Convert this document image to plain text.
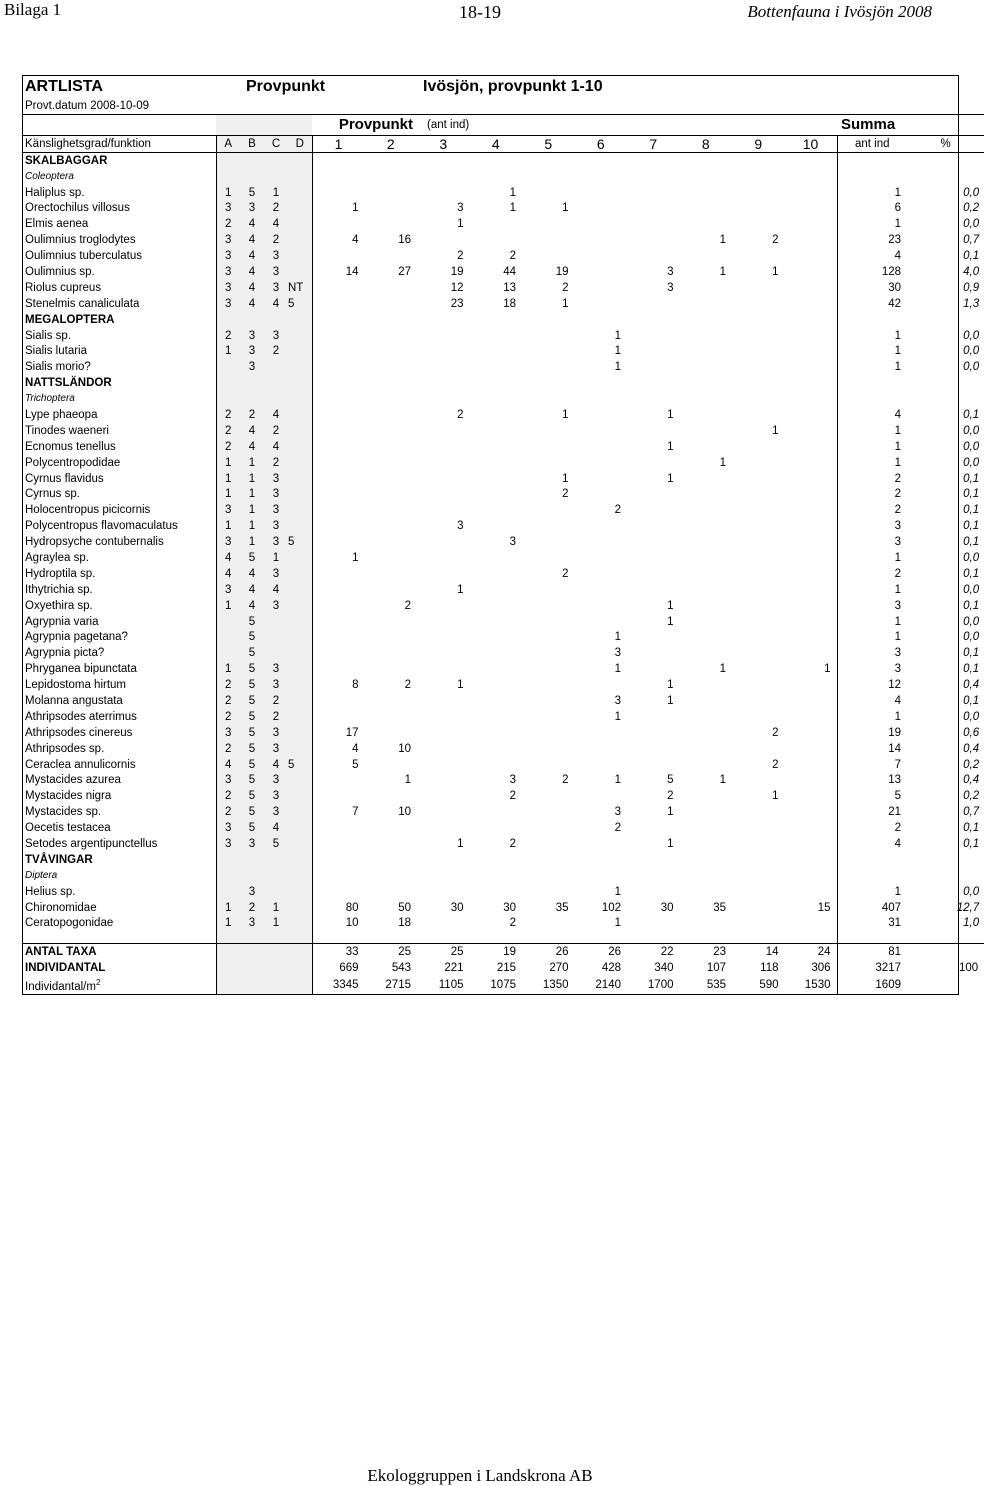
Bilaga 1	18-19	Bottenfauna i Ivösjön 2008
ARTLISTA	Provpunkt						Ivösjön, provpunkt 1-10									
Provt.datum 2008-10-09																
					Provpunkt		(ant ind)								Summa	
Känslighetsgrad/funktion	A	B	C	D	1	2	3	4	5	6	7	8	9	10	ant ind	%
SKALBAGGAR																
Coleoptera																
Haliplus sp.	1	5	1					1							1	0,0
Orectochilus villosus	3	3	2		1		3	1	1						6	0,2
Elmis aenea	2	4	4				1								1	0,0
Oulimnius troglodytes	3	4	2		4	16						1	2		23	0,7
Oulimnius tuberculatus	3	4	3				2	2							4	0,1
Oulimnius sp.	3	4	3		14	27	19	44	19		3	1	1		128	4,0
Riolus cupreus	3	4	3	NT			12	13	2		3				30	0,9
Stenelmis canaliculata	3	4	4	5			23	18	1						42	1,3
MEGALOPTERA																
Sialis sp.	2	3	3							1					1	0,0
Sialis lutaria	1	3	2							1					1	0,0
Sialis morio?		3								1					1	0,0
NATTSLÄNDOR																
Trichoptera																
Lype phaeopa	2	2	4				2		1		1				4	0,1
Tinodes waeneri	2	4	2										1		1	0,0
Ecnomus tenellus	2	4	4								1				1	0,0
Polycentropodidae	1	1	2									1			1	0,0
Cyrnus flavidus	1	1	3						1		1				2	0,1
Cyrnus sp.	1	1	3						2						2	0,1
Holocentropus picicornis	3	1	3							2					2	0,1
Polycentropus flavomaculatus	1	1	3				3								3	0,1
Hydropsyche contubernalis	3	1	3	5				3							3	0,1
Agraylea sp.	4	5	1		1										1	0,0
Hydroptila sp.	4	4	3						2						2	0,1
Ithytrichia sp.	3	4	4				1								1	0,0
Oxyethira sp.	1	4	3			2					1				3	0,1
Agrypnia varia		5									1				1	0,0
Agrypnia pagetana?		5								1					1	0,0
Agrypnia picta?		5								3					3	0,1
Phryganea bipunctata	1	5	3							1		1		1	3	0,1
Lepidostoma hirtum	2	5	3		8	2	1				1				12	0,4
Molanna angustata	2	5	2							3	1				4	0,1
Athripsodes aterrimus	2	5	2							1					1	0,0
Athripsodes cinereus	3	5	3		17								2		19	0,6
Athripsodes sp.	2	5	3		4	10									14	0,4
Ceraclea annulicornis	4	5	4	5	5								2		7	0,2
Mystacides azurea	3	5	3			1		3	2	1	5	1			13	0,4
Mystacides nigra	2	5	3					2			2		1		5	0,2
Mystacides sp.	2	5	3		7	10				3	1				21	0,7
Oecetis testacea	3	5	4							2					2	0,1
Setodes argentipunctellus	3	3	5				1	2			1				4	0,1
TVÅVINGAR																
Diptera																
Helius sp.		3								1					1	0,0
Chironomidae	1	2	1		80	50	30	30	35	102	30	35		15	407	12,7
Ceratopogonidae	1	3	1		10	18		2		1					31	1,0

ANTAL TAXA					33	25	25	19	26	26	22	23	14	24	81	
INDIVIDANTAL					669	543	221	215	270	428	340	107	118	306	3217	100
Individantal/$m^2$					3345	2715	1105	1075	1350	2140	1700	535	590	1530	1609	
Ekologgruppen i Landskrona AB
